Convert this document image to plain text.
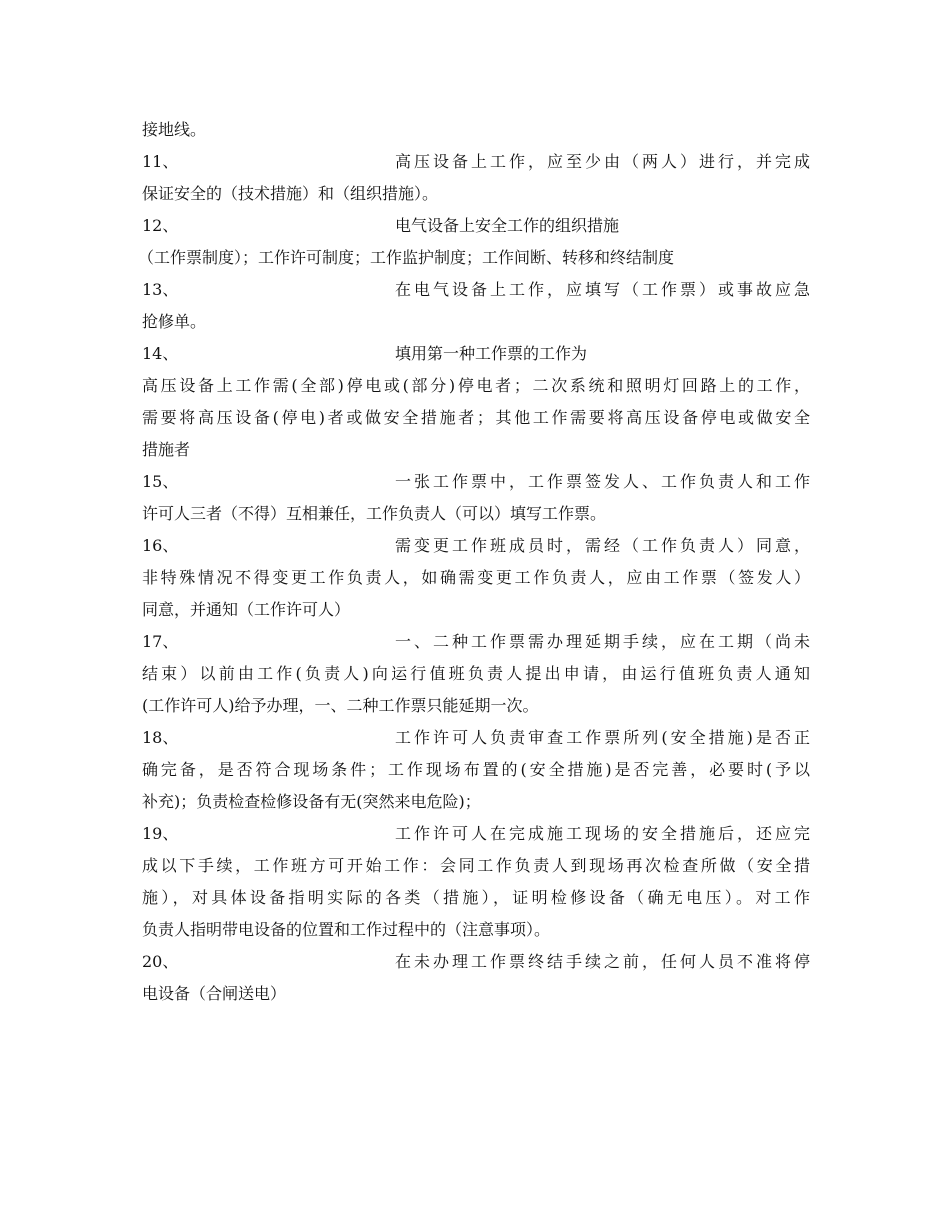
接地线。
11、	高压设备上工作，应至少由（两人）进行，并完成
保证安全的（技术措施）和（组织措施）。
12、	电气设备上安全工作的组织措施
（工作票制度）；工作许可制度；工作监护制度；工作间断、转移和终结制度
13、	在电气设备上工作，应填写（工作票）或事故应急
抢修单。
14、	填用第一种工作票的工作为
高压设备上工作需(全部)停电或(部分)停电者；二次系统和照明灯回路上的工作，
需要将高压设备(停电)者或做安全措施者；其他工作需要将高压设备停电或做安全
措施者
15、	一张工作票中，工作票签发人、工作负责人和工作
许可人三者（不得）互相兼任，工作负责人（可以）填写工作票。
16、	需变更工作班成员时，需经（工作负责人）同意，
非特殊情况不得变更工作负责人，如确需变更工作负责人，应由工作票（签发人）
同意，并通知（工作许可人）
17、	一、二种工作票需办理延期手续，应在工期（尚未
结束）以前由工作(负责人)向运行值班负责人提出申请，由运行值班负责人通知
(工作许可人)给予办理，一、二种工作票只能延期一次。
18、	工作许可人负责审查工作票所列(安全措施)是否正
确完备，是否符合现场条件；工作现场布置的(安全措施)是否完善，必要时(予以
补充)；负责检查检修设备有无(突然来电危险)；
19、	工作许可人在完成施工现场的安全措施后，还应完
成以下手续，工作班方可开始工作：会同工作负责人到现场再次检查所做（安全措
施），对具体设备指明实际的各类（措施），证明检修设备（确无电压）。对工作
负责人指明带电设备的位置和工作过程中的（注意事项）。
20、	在未办理工作票终结手续之前，任何人员不准将停
电设备（合闸送电）
